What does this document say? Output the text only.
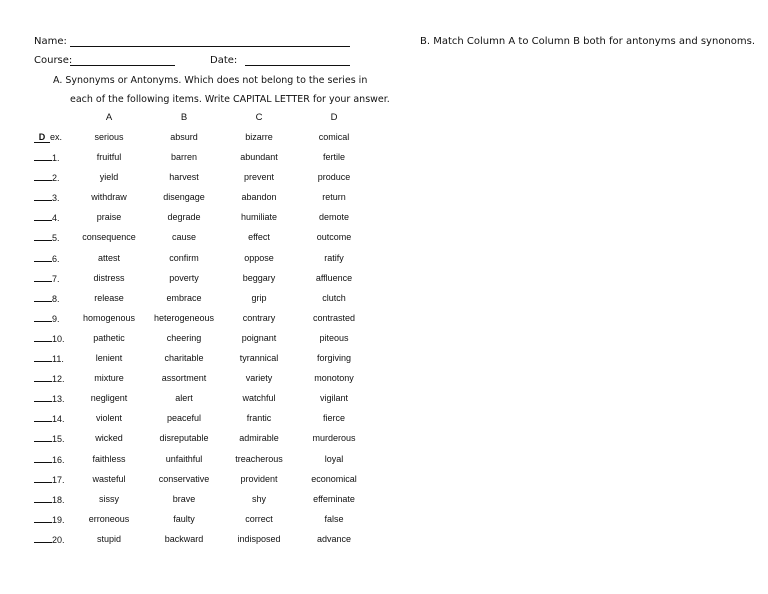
Name:
Course:	Date:
B. Match Column A to Column B both for antonyms and synonoms.
A. Synonyms or Antonyms. Which does not belong to the series in
each of the following items. Write CAPITAL LETTER for your answer.
A	B	C	D
D ex.	serious	absurd	bizarre	comical
1.	fruitful	barren	abundant	fertile
2.	yield	harvest	prevent	produce
3.	withdraw	disengage	abandon	return
4.	praise	degrade	humiliate	demote
5.	consequence	cause	effect	outcome
6.	attest	confirm	oppose	ratify
7.	distress	poverty	beggary	affluence
8.	release	embrace	grip	clutch
9.	homogenous	heterogeneous	contrary	contrasted
10.	pathetic	cheering	poignant	piteous
11.	lenient	charitable	tyrannical	forgiving
12.	mixture	assortment	variety	monotony
13.	negligent	alert	watchful	vigilant
14.	violent	peaceful	frantic	fierce
15.	wicked	disreputable	admirable	murderous
16.	faithless	unfaithful	treacherous	loyal
17.	wasteful	conservative	provident	economical
18.	sissy	brave	shy	effeminate
19.	erroneous	faulty	correct	false
20.	stupid	backward	indisposed	advance
